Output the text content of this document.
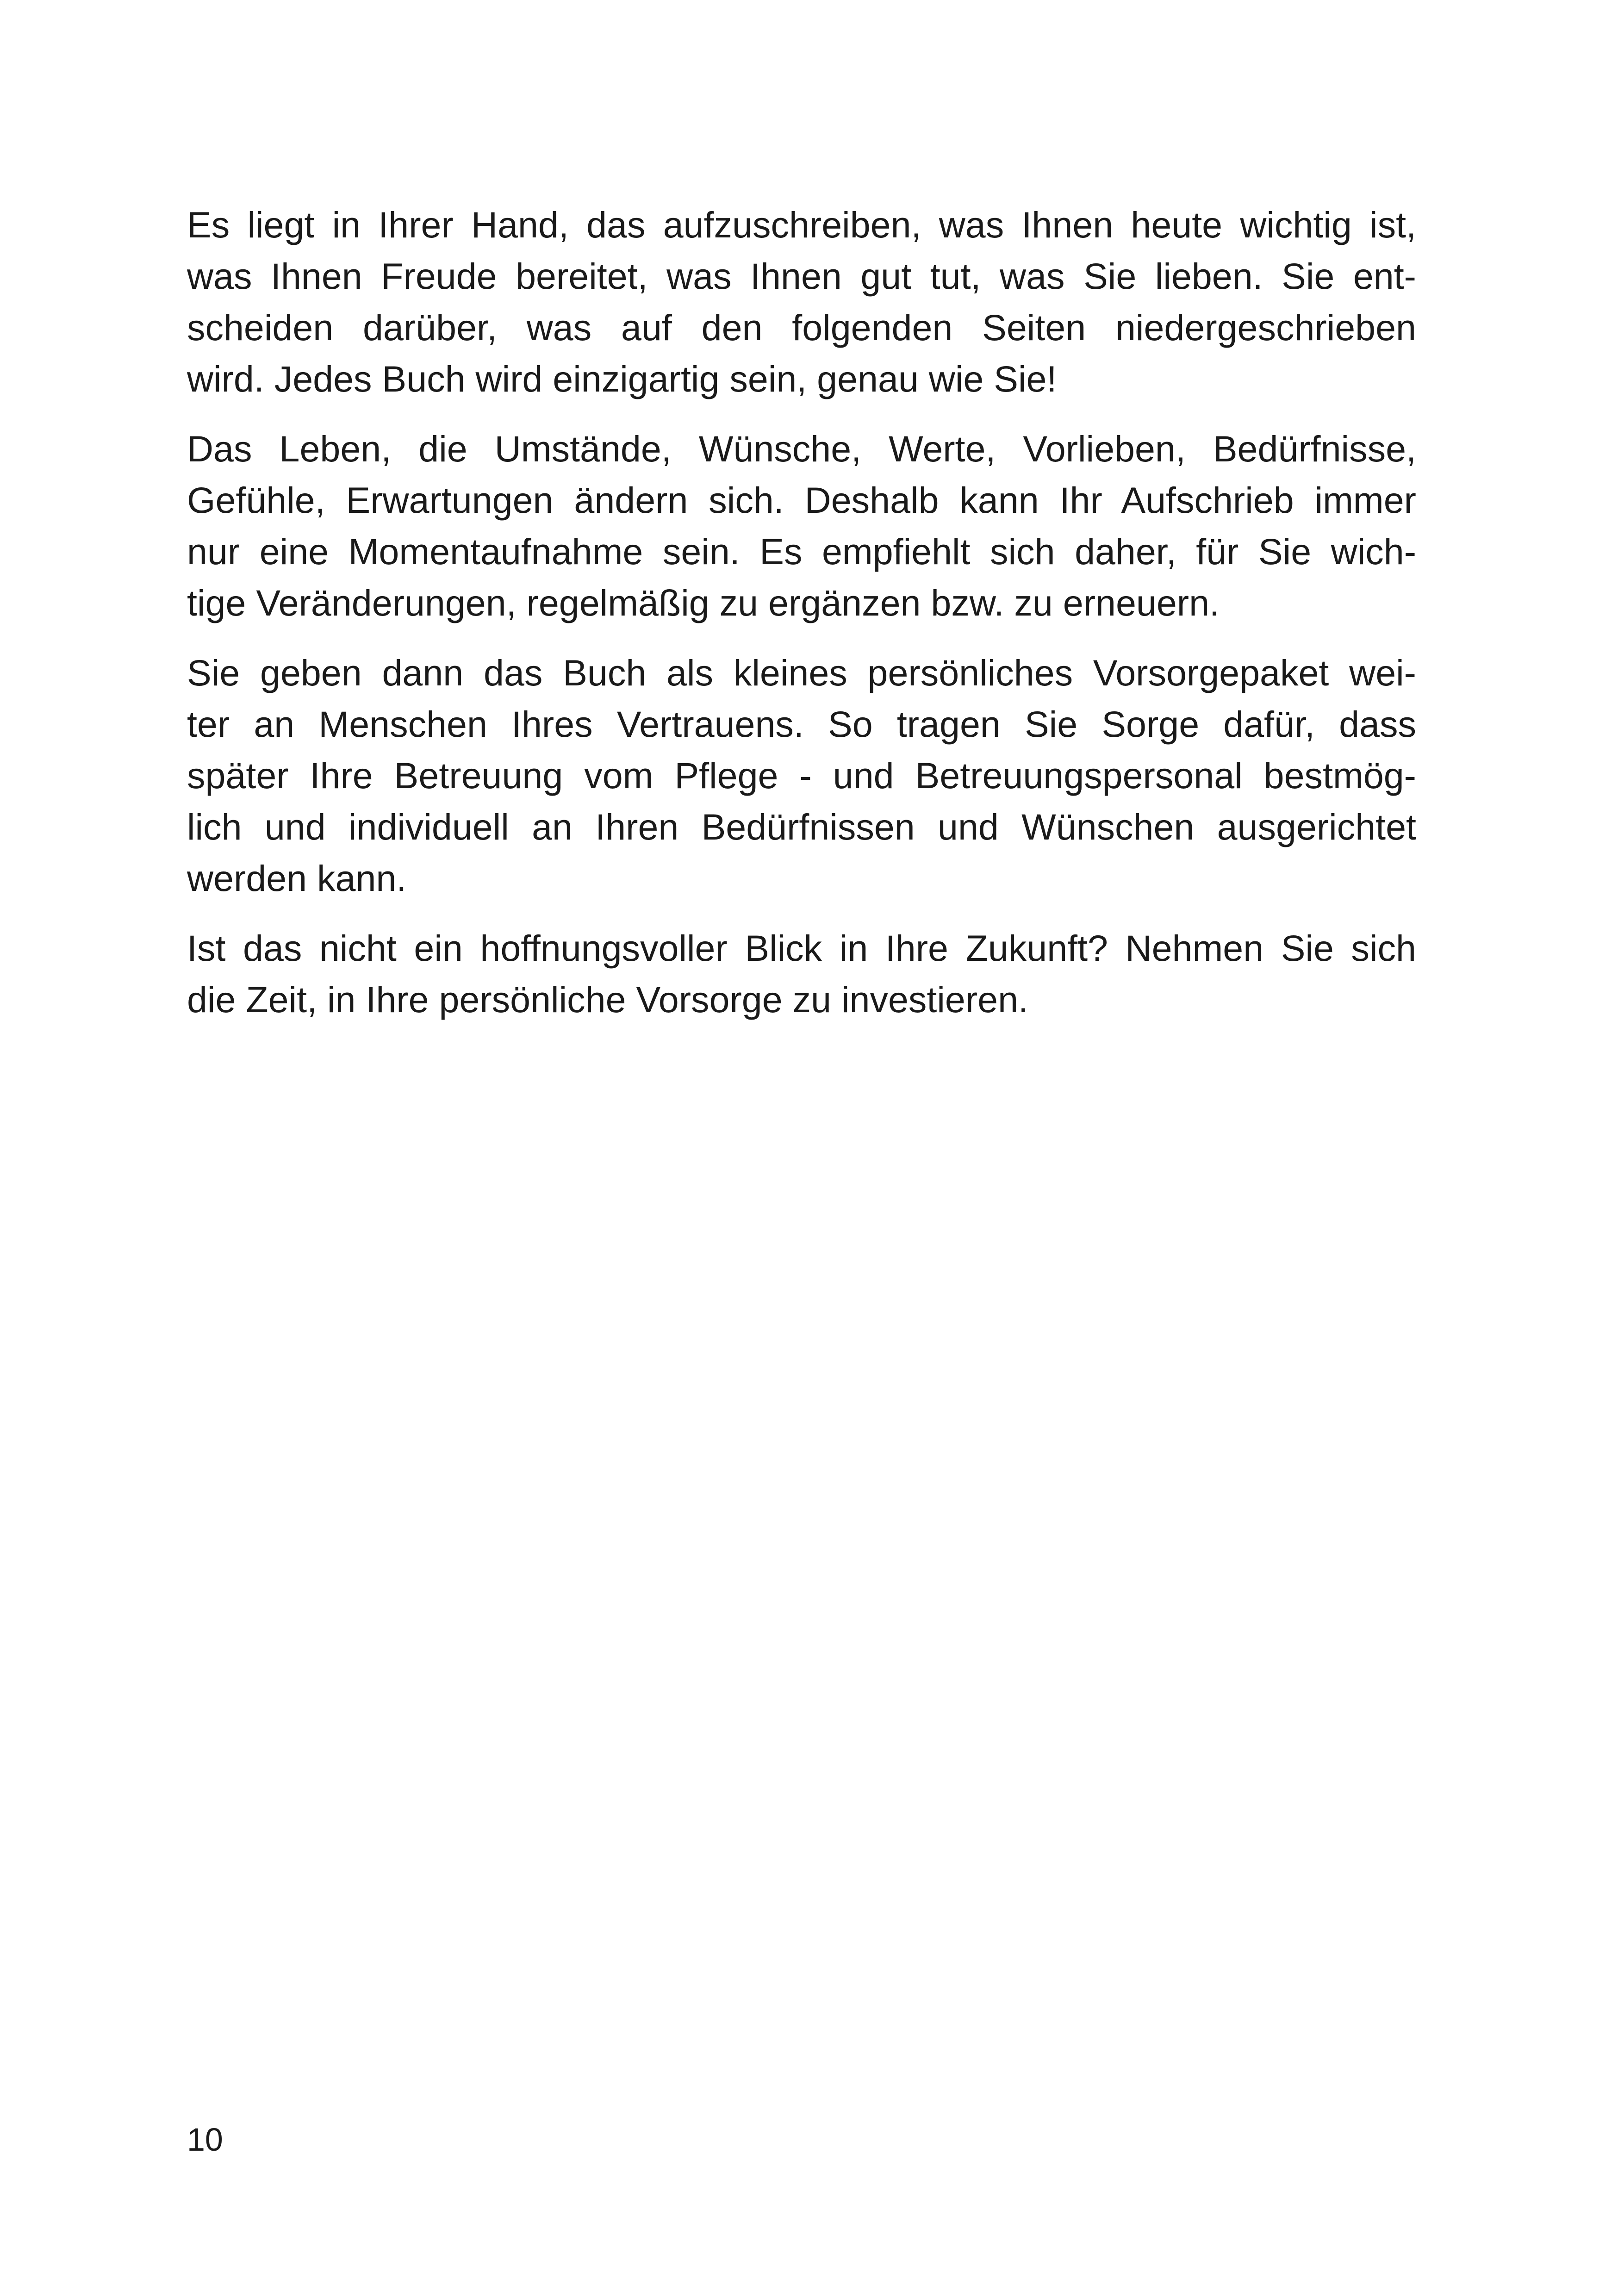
Es liegt in Ihrer Hand, das aufzuschreiben, was Ihnen heute wichtig ist,
was Ihnen Freude bereitet, was Ihnen gut tut, was Sie lieben. Sie ent-
scheiden darüber, was auf den folgenden Seiten niedergeschrieben
wird. Jedes Buch wird einzigartig sein, genau wie Sie!

Das Leben, die Umstände, Wünsche, Werte, Vorlieben, Bedürfnisse,
Gefühle, Erwartungen ändern sich. Deshalb kann Ihr Aufschrieb immer
nur eine Momentaufnahme sein. Es empfiehlt sich daher, für Sie wich-
tige Veränderungen, regelmäßig zu ergänzen bzw. zu erneuern.

Sie geben dann das Buch als kleines persönliches Vorsorgepaket wei-
ter an Menschen Ihres Vertrauens. So tragen Sie Sorge dafür, dass
später Ihre Betreuung vom Pflege - und Betreuungspersonal bestmög-
lich und individuell an Ihren Bedürfnissen und Wünschen ausgerichtet
werden kann.

Ist das nicht ein hoffnungsvoller Blick in Ihre Zukunft? Nehmen Sie sich
die Zeit, in Ihre persönliche Vorsorge zu investieren.

10
